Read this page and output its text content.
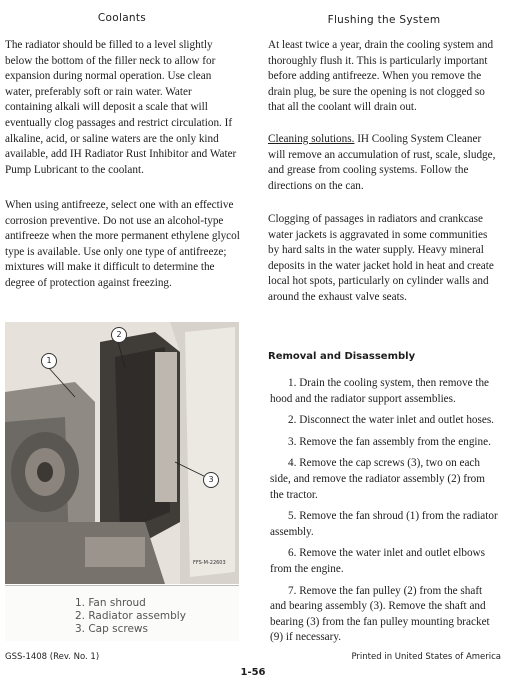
Coolants

The radiator should be filled to a level slightly below the bottom of the filler neck to allow for expansion during normal operation. Use clean water, preferably soft or rain water. Water containing alkali will deposit a scale that will eventually clog passages and restrict circulation. If alkaline, acid, or saline waters are the only kind available, add IH Radiator Rust Inhibitor and Water Pump Lubricant to the coolant.

When using antifreeze, select one with an effective corrosion preventive. Do not use an alcohol-type antifreeze when the more permanent ethylene glycol type is available. Use only one type of antifreeze; mixtures will make it difficult to determine the degree of protection against freezing.

1
2
3
FFS-M-22603
1. Fan shroud
2. Radiator assembly
3. Cap screws
Flushing the System

At least twice a year, drain the cooling system and thoroughly flush it. This is particularly important before adding antifreeze. When you remove the drain plug, be sure the opening is not clogged so that all the coolant will drain out.

Cleaning solutions. IH Cooling System Cleaner will remove an accumulation of rust, scale, sludge, and grease from cooling systems. Follow the directions on the can.

Clogging of passages in radiators and crankcase water jackets is aggravated in some communities by hard salts in the water supply. Heavy mineral deposits in the water jacket hold in heat and create local hot spots, particularly on cylinder walls and around the exhaust valve seats.

Removal and Disassembly

1. Drain the cooling system, then remove the hood and the radiator support assemblies.

2. Disconnect the water inlet and outlet hoses.

3. Remove the fan assembly from the engine.

4. Remove the cap screws (3), two on each side, and remove the radiator assembly (2) from the tractor.

5. Remove the fan shroud (1) from the radiator assembly.

6. Remove the water inlet and outlet elbows from the engine.

7. Remove the fan pulley (2) from the shaft and bearing assembly (3). Remove the shaft and bearing (3) from the fan pulley mounting bracket (9) if necessary.

GSS-1408 (Rev. No. 1)	Printed in United States of America
1-56
